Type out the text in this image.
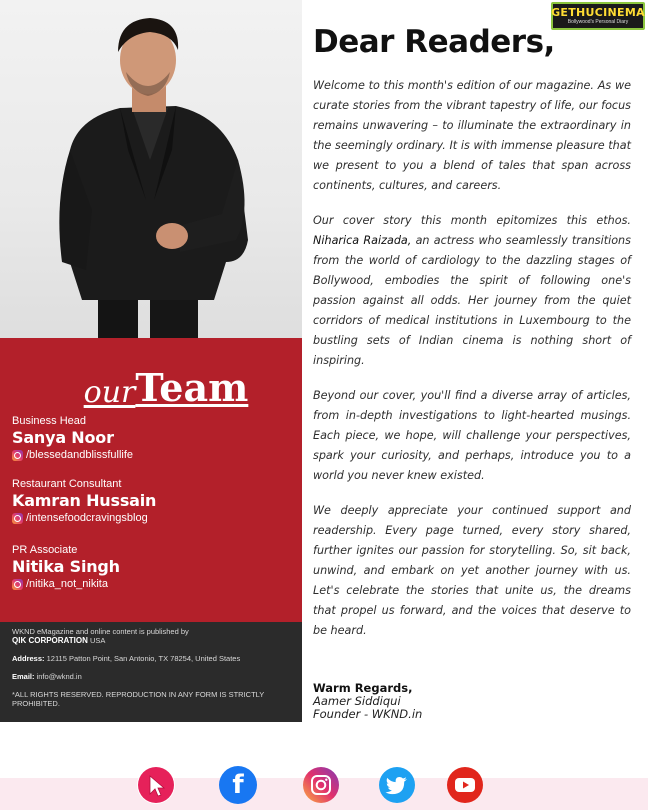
our Team
Business Head
Sanya Noor
/blessedandblissfullife
Restaurant Consultant
Kamran Hussain
/intensefoodcravingsblog
PR Associate
Nitika Singh
/nitika_not_nikita
WKND eMagazine and online content is published by
QIK CORPORATION USA
Address: 12115 Patton Point, San Antonio, TX 78254, United States
Email: info@wknd.in
*ALL RIGHTS RESERVED. REPRODUCTION IN ANY FORM IS STRICTLY PROHIBITED.
GETHUCINEMA
Bollywood's Personal Diary
Dear Readers,

Welcome to this month's edition of our magazine. As we curate stories from the vibrant tapestry of life, our focus remains unwavering – to illuminate the extraordinary in the seemingly ordinary. It is with immense pleasure that we present to you a blend of tales that span across continents, cultures, and careers.

Our cover story this month epitomizes this ethos. Niharica Raizada, an actress who seamlessly transitions from the world of cardiology to the dazzling stages of Bollywood, embodies the spirit of following one's passion against all odds. Her journey from the quiet corridors of medical institutions in Luxembourg to the bustling sets of Indian cinema is nothing short of inspiring.

Beyond our cover, you'll find a diverse array of articles, from in-depth investigations to light-hearted musings. Each piece, we hope, will challenge your perspectives, spark your curiosity, and perhaps, introduce you to a world you never knew existed.

We deeply appreciate your continued support and readership. Every page turned, every story shared, further ignites our passion for storytelling. So, sit back, unwind, and embark on yet another journey with us. Let's celebrate the stories that unite us, the dreams that propel us forward, and the voices that deserve to be heard.

Warm Regards,
Aamer Siddiqui
Founder - WKND.in
f
